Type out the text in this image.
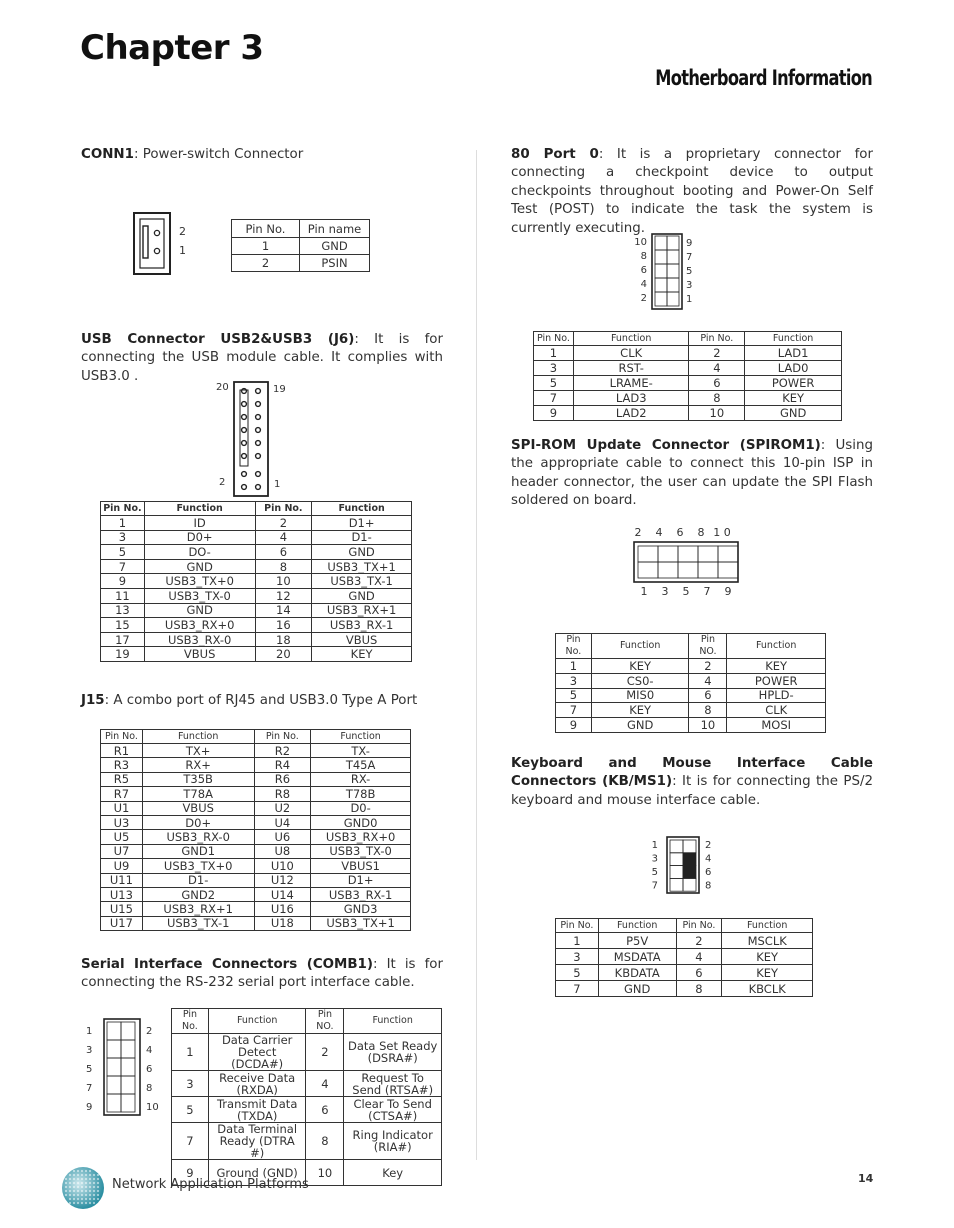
Chapter 3
Motherboard Information
CONN1: Power-switch Connector
2
1
Pin No.	Pin name
1	GND
2	PSIN
USB Connector USB2&USB3 (J6): It is for connecting the USB module cable. It complies with USB3.0 .
20	19
2	1
Pin No.	Function	Pin No.	Function
1	ID	2	D1+
3	D0+	4	D1-
5	DO-	6	GND
7	GND	8	USB3_TX+1
9	USB3_TX+0	10	USB3_TX-1
11	USB3_TX-0	12	GND
13	GND	14	USB3_RX+1
15	USB3_RX+0	16	USB3_RX-1
17	USB3_RX-0	18	VBUS
19	VBUS	20	KEY
J15: A combo port of RJ45 and USB3.0 Type A Port
Pin No.	Function	Pin No.	Function
R1	TX+	R2	TX-
R3	RX+	R4	T45A
R5	T35B	R6	RX-
R7	T78A	R8	T78B
U1	VBUS	U2	D0-
U3	D0+	U4	GND0
U5	USB3_RX-0	U6	USB3_RX+0
U7	GND1	U8	USB3_TX-0
U9	USB3_TX+0	U10	VBUS1
U11	D1-	U12	D1+
U13	GND2	U14	USB3_RX-1
U15	USB3_RX+1	U16	GND3
U17	USB3_TX-1	U18	USB3_TX+1
Serial Interface Connectors (COMB1): It is for connecting the RS-232 serial port interface cable.
1
3
5
7
9
2
4
6
8
10
Pin No.	Function	Pin NO.	Function
1	Data Carrier Detect (DCDA#)	2	Data Set Ready (DSRA#)
3	Receive Data (RXDA)	4	Request To Send (RTSA#)
5	Transmit Data (TXDA)	6	Clear To Send (CTSA#)
7	Data Terminal Ready (DTRA #)	8	Ring Indicator (RIA#)
9	Ground (GND)	10	Key
80 Port 0: It is a proprietary connector for connecting a checkpoint device to output checkpoints throughout booting and Power-On Self Test (POST) to indicate the task the system is currently executing.
10
8
6
4
2
9
7
5
3
1
Pin No.	Function	Pin No.	Function
1	CLK	2	LAD1
3	RST-	4	LAD0
5	LRAME-	6	POWER
7	LAD3	8	KEY
9	LAD2	10	GND
SPI-ROM Update Connector (SPIROM1): Using the appropriate cable to connect this 10-pin ISP in header connector, the user can update the SPI Flash soldered on board.
2 4 6 8 1 0
1 3 5 7 9
Pin No.	Function	Pin NO.	Function
1	KEY	2	KEY
3	CS0-	4	POWER
5	MIS0	6	HPLD-
7	KEY	8	CLK
9	GND	10	MOSI
Keyboard and Mouse Interface Cable Connectors (KB/MS1): It is for connecting the PS/2 keyboard and mouse interface cable.
1
3
5
7
2
4
6
8
Pin No.	Function	Pin No.	Function
1	P5V	2	MSCLK
3	MSDATA	4	KEY
5	KBDATA	6	KEY
7	GND	8	KBCLK
Network Application Platforms	14
